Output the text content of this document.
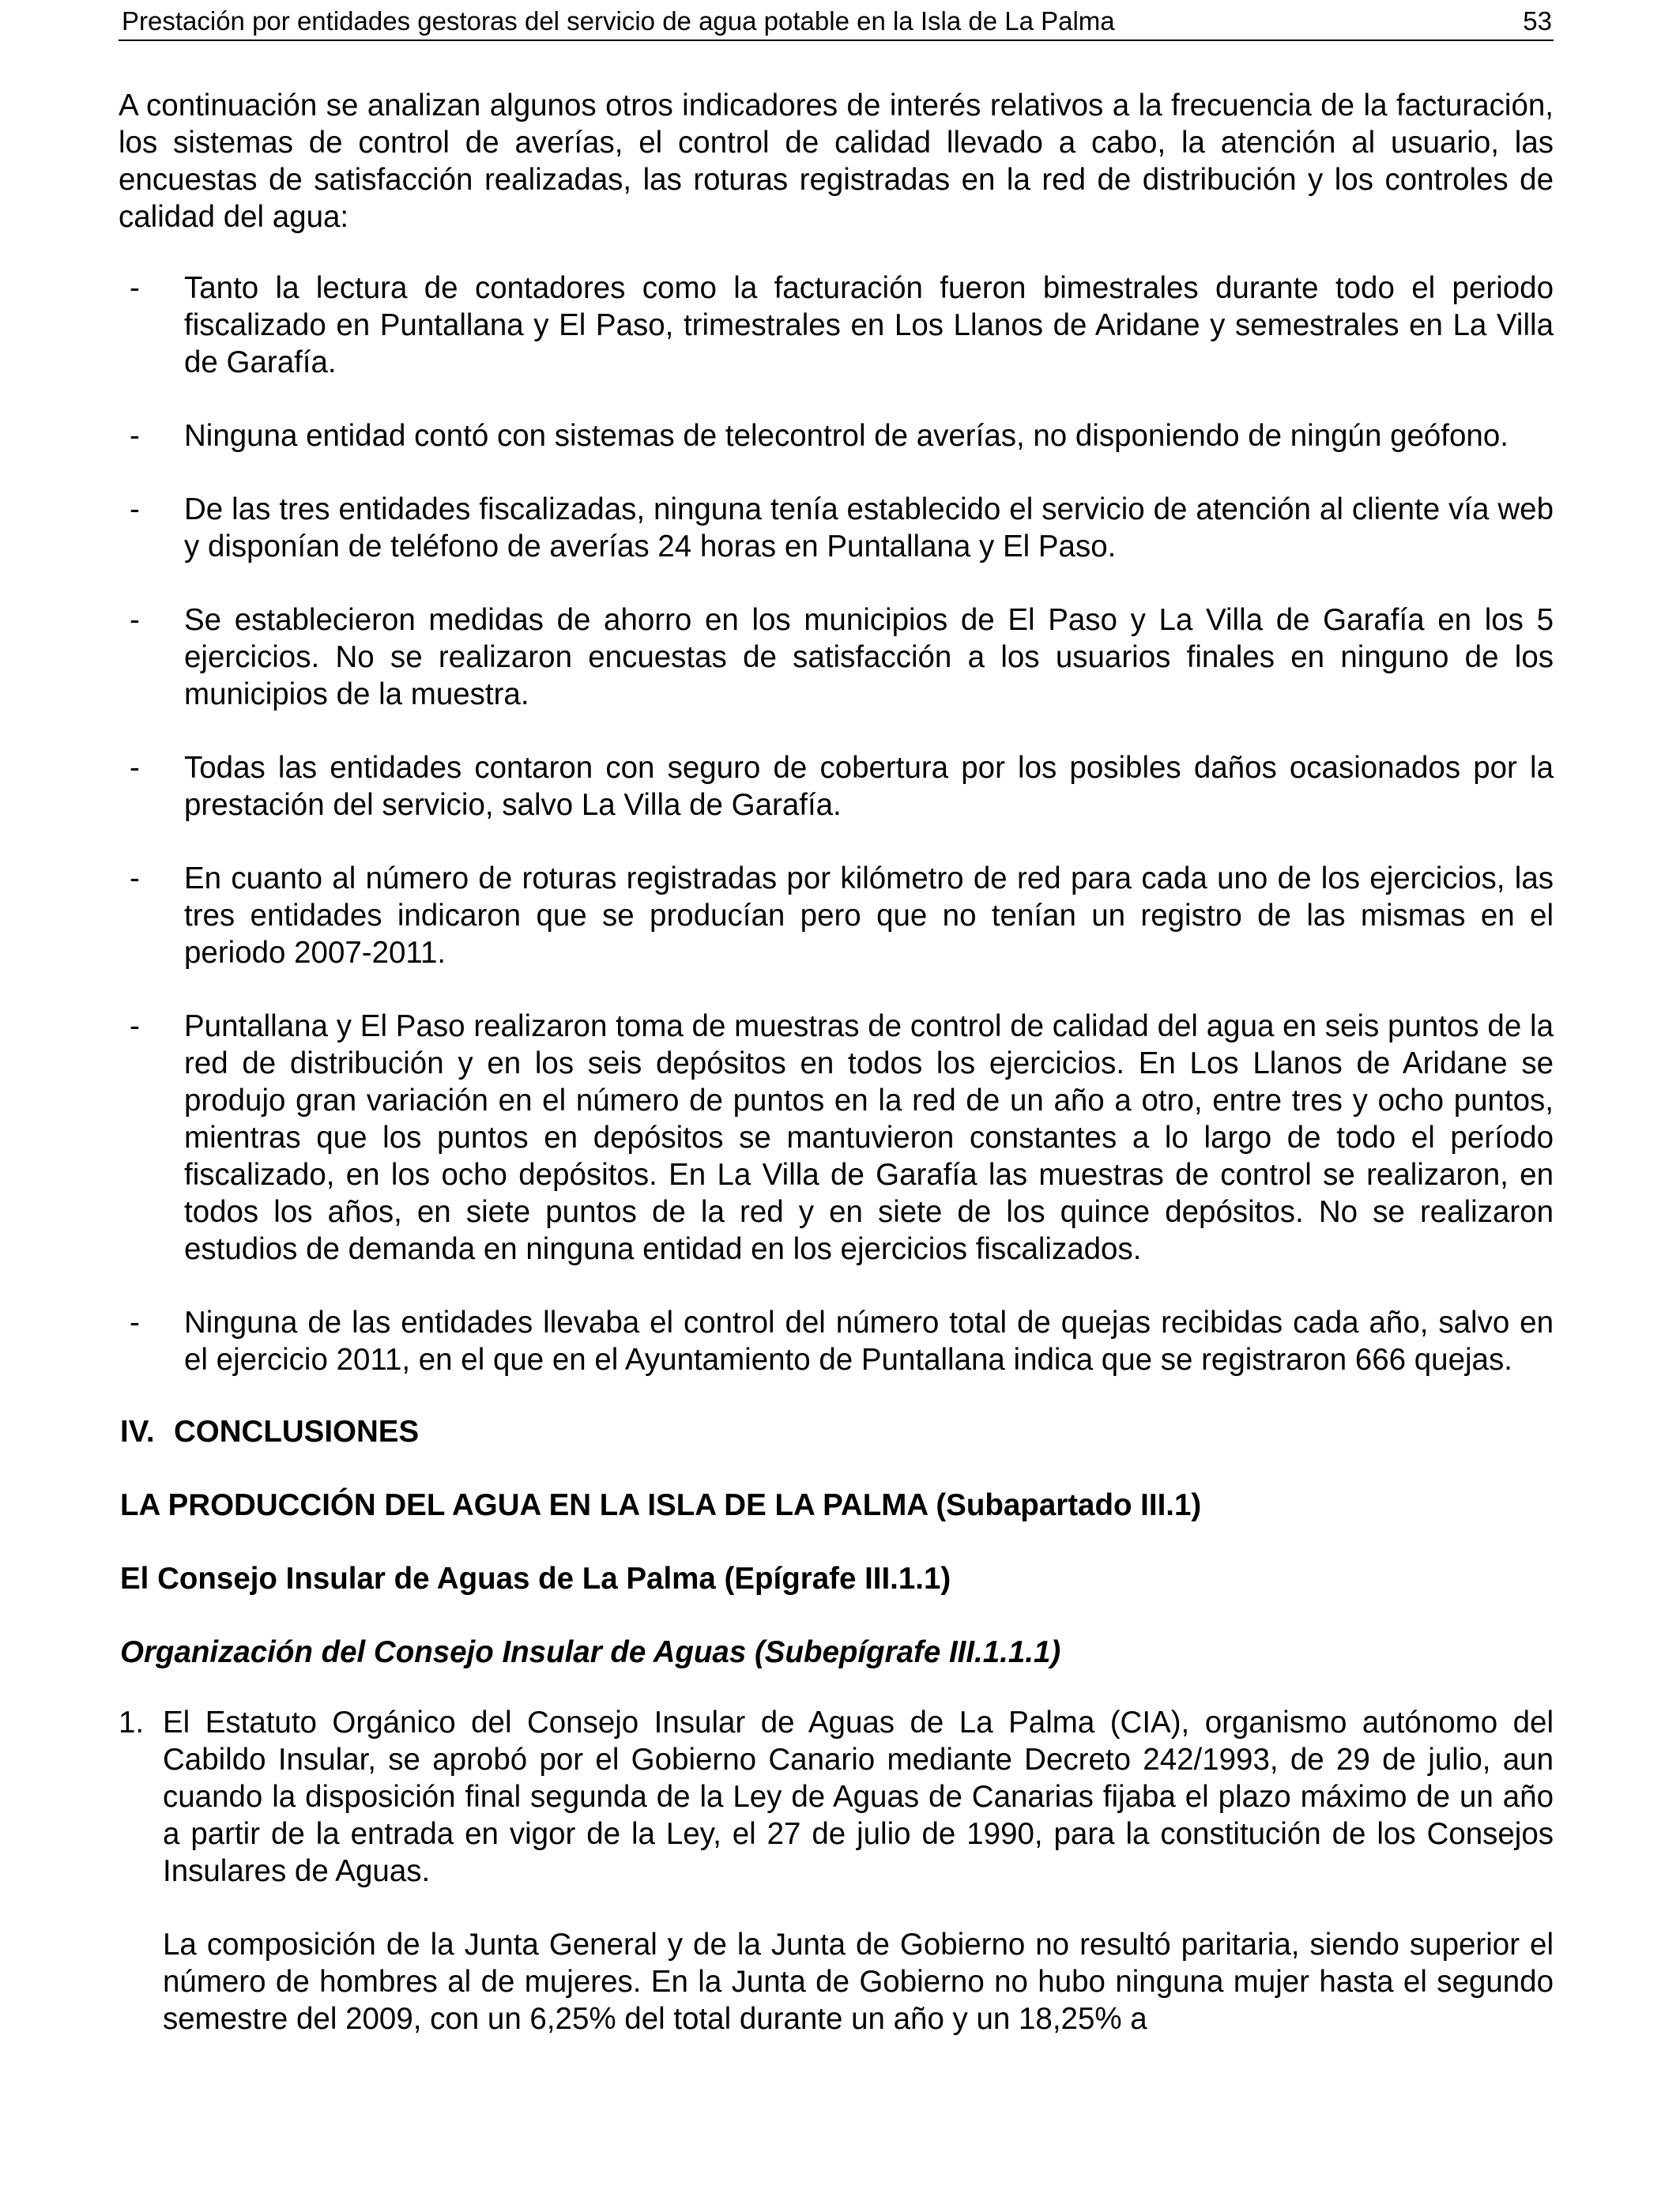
Prestación por entidades gestoras del servicio de agua potable en la Isla de La Palma	53

A continuación se analizan algunos otros indicadores de interés relativos a la frecuencia de la facturación, los sistemas de control de averías, el control de calidad llevado a cabo, la atención al usuario, las encuestas de satisfacción realizadas, las roturas registradas en la red de distribución y los controles de calidad del agua:

- Tanto la lectura de contadores como la facturación fueron bimestrales durante todo el periodo fiscalizado en Puntallana y El Paso, trimestrales en Los Llanos de Aridane y semestrales en La Villa de Garafía.
- Ninguna entidad contó con sistemas de telecontrol de averías, no disponiendo de ningún geófono.
- De las tres entidades fiscalizadas, ninguna tenía establecido el servicio de atención al cliente vía web y disponían de teléfono de averías 24 horas en Puntallana y El Paso.
- Se establecieron medidas de ahorro en los municipios de El Paso y La Villa de Garafía en los 5 ejercicios. No se realizaron encuestas de satisfacción a los usuarios finales en ninguno de los municipios de la muestra.
- Todas las entidades contaron con seguro de cobertura por los posibles daños ocasionados por la prestación del servicio, salvo La Villa de Garafía.
- En cuanto al número de roturas registradas por kilómetro de red para cada uno de los ejercicios, las tres entidades indicaron que se producían pero que no tenían un registro de las mismas en el periodo 2007-2011.
- Puntallana y El Paso realizaron toma de muestras de control de calidad del agua en seis puntos de la red de distribución y en los seis depósitos en todos los ejercicios. En Los Llanos de Aridane se produjo gran variación en el número de puntos en la red de un año a otro, entre tres y ocho puntos, mientras que los puntos en depósitos se mantuvieron constantes a lo largo de todo el período fiscalizado, en los ocho depósitos. En La Villa de Garafía las muestras de control se realizaron, en todos los años, en siete puntos de la red y en siete de los quince depósitos. No se realizaron estudios de demanda en ninguna entidad en los ejercicios fiscalizados.
- Ninguna de las entidades llevaba el control del número total de quejas recibidas cada año, salvo en el ejercicio 2011, en el que en el Ayuntamiento de Puntallana indica que se registraron 666 quejas.
IV. CONCLUSIONES
LA PRODUCCIÓN DEL AGUA EN LA ISLA DE LA PALMA (Subapartado III.1)
El Consejo Insular de Aguas de La Palma (Epígrafe III.1.1)
Organización del Consejo Insular de Aguas (Subepígrafe III.1.1.1)
1. El Estatuto Orgánico del Consejo Insular de Aguas de La Palma (CIA), organismo autónomo del Cabildo Insular, se aprobó por el Gobierno Canario mediante Decreto 242/1993, de 29 de julio, aun cuando la disposición final segunda de la Ley de Aguas de Canarias fijaba el plazo máximo de un año a partir de la entrada en vigor de la Ley, el 27 de julio de 1990, para la constitución de los Consejos Insulares de Aguas.

La composición de la Junta General y de la Junta de Gobierno no resultó paritaria, siendo superior el número de hombres al de mujeres. En la Junta de Gobierno no hubo ninguna mujer hasta el segundo semestre del 2009, con un 6,25% del total durante un año y un 18,25% a
